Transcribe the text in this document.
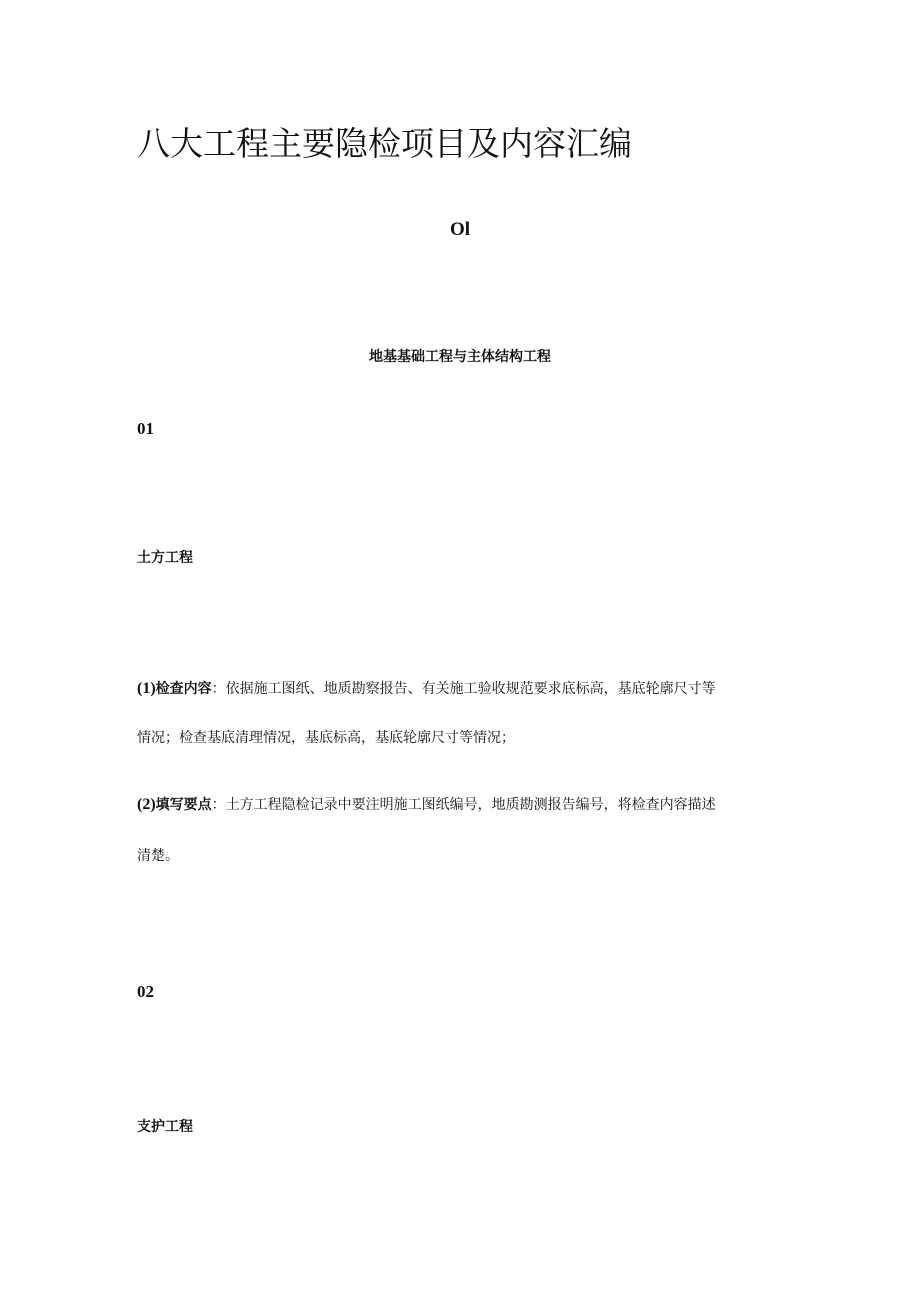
八大工程主要隐检项目及内容汇编
Ol
地基基础工程与主体结构工程
01
土方工程
(1)检查内容：依据施工图纸、地质勘察报告、有关施工验收规范要求底标高，基底轮廓尺寸等
情况；检查基底清理情况，基底标高，基底轮廓尺寸等情况；
(2)填写要点：土方工程隐检记录中要注明施工图纸编号，地质勘测报告编号，将检查内容描述
清楚。
02
支护工程
